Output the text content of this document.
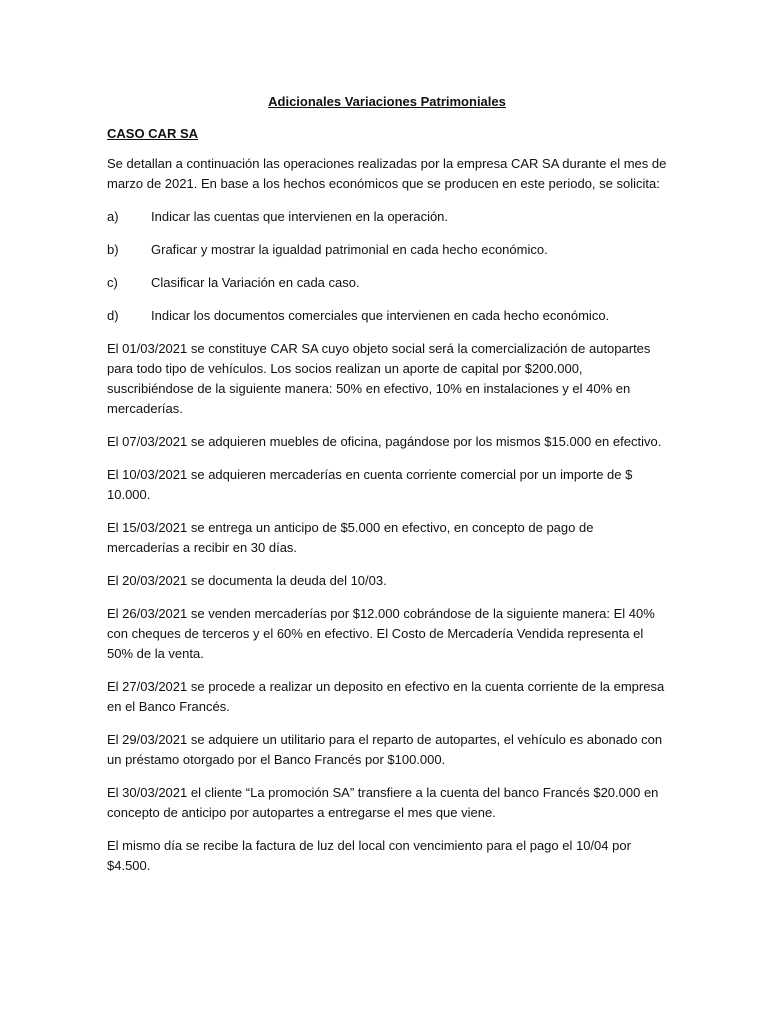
Adicionales Variaciones Patrimoniales
CASO CAR SA

Se detallan a continuación las operaciones realizadas por la empresa CAR SA durante el mes de marzo de 2021. En base a los hechos económicos que se producen en este periodo, se solicita:

a)	Indicar las cuentas que intervienen en la operación.
b)	Graficar y mostrar la igualdad patrimonial en cada hecho económico.
c)	Clasificar la Variación en cada caso.
d)	Indicar los documentos comerciales que intervienen en cada hecho económico.

El 01/03/2021 se constituye CAR SA cuyo objeto social será la comercialización de autopartes para todo tipo de vehículos. Los socios realizan un aporte de capital por $200.000, suscribiéndose de la siguiente manera: 50% en efectivo, 10% en instalaciones y el 40% en mercaderías.

El 07/03/2021 se adquieren muebles de oficina, pagándose por los mismos $15.000 en efectivo.

El 10/03/2021 se adquieren mercaderías en cuenta corriente comercial por un importe de $ 10.000.

El 15/03/2021 se entrega un anticipo de $5.000 en efectivo, en concepto de pago de mercaderías a recibir en 30 días.

El 20/03/2021 se documenta la deuda del 10/03.

El 26/03/2021 se venden mercaderías por $12.000 cobrándose de la siguiente manera: El 40% con cheques de terceros y el 60% en efectivo. El Costo de Mercadería Vendida representa el 50% de la venta.

El 27/03/2021 se procede a realizar un deposito en efectivo en la cuenta corriente de la empresa en el Banco Francés.

El 29/03/2021 se adquiere un utilitario para el reparto de autopartes, el vehículo es abonado con un préstamo otorgado por el Banco Francés por $100.000.

El 30/03/2021 el cliente “La promoción SA” transfiere a la cuenta del banco Francés $20.000 en concepto de anticipo por autopartes a entregarse el mes que viene.

El mismo día se recibe la factura de luz del local con vencimiento para el pago el 10/04 por $4.500.
